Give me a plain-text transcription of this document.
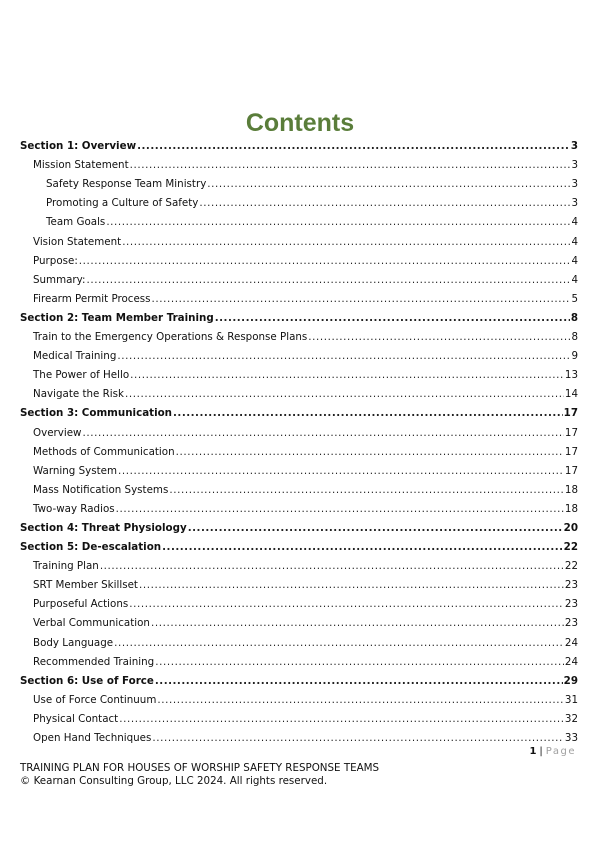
Contents
Section 1: Overview .....	3
Mission Statement .....	3
Safety Response Team Ministry .....	3
Promoting a Culture of Safety .....	3
Team Goals .....	4
Vision Statement .....	4
Purpose: .....	4
Summary: .....	4
Firearm Permit Process .....	5
Section 2: Team Member Training .....	8
Train to the Emergency Operations & Response Plans .....	8
Medical Training .....	9
The Power of Hello .....	13
Navigate the Risk .....	14
Section 3: Communication .....	17
Overview .....	17
Methods of Communication .....	17
Warning System .....	17
Mass Notification Systems .....	18
Two-way Radios .....	18
Section 4: Threat Physiology .....	20
Section 5: De-escalation .....	22
Training Plan .....	22
SRT Member Skillset .....	23
Purposeful Actions .....	23
Verbal Communication .....	23
Body Language .....	24
Recommended Training .....	24
Section 6: Use of Force .....	29
Use of Force Continuum .....	31
Physical Contact .....	32
Open Hand Techniques .....	33
1 | Page
TRAINING PLAN FOR HOUSES OF WORSHIP SAFETY RESPONSE TEAMS
© Kearnan Consulting Group, LLC 2024. All rights reserved.
